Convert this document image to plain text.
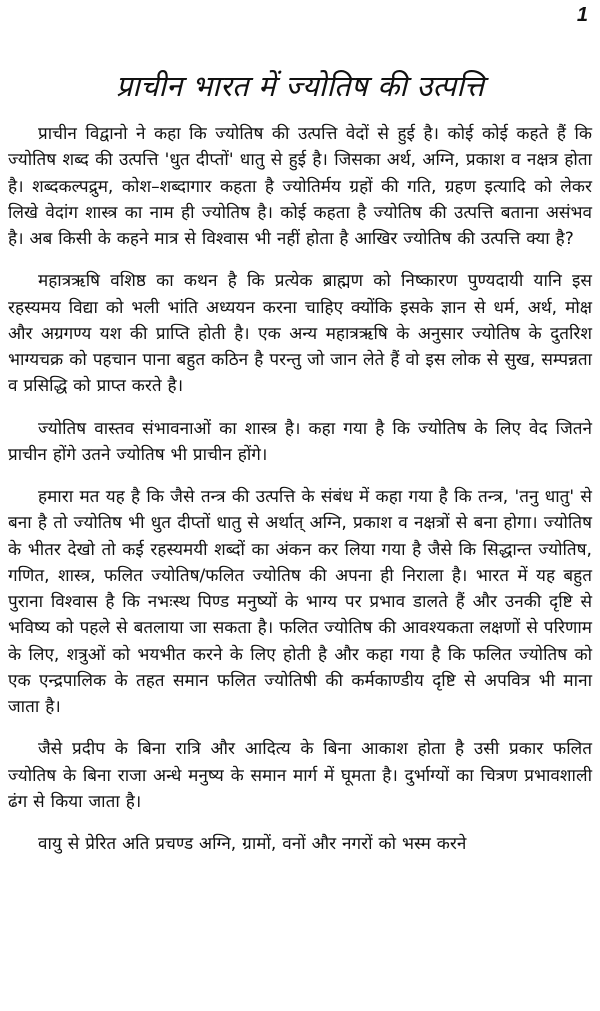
1
प्राचीन भारत में ज्योतिष की उत्पत्ति

प्राचीन विद्वानो ने कहा कि ज्योतिष की उत्पत्ति वेदों से हुई है। कोई कोई कहते हैं कि ज्योतिष शब्द की उत्पत्ति 'धुत दीप्तों' धातु से हुई है। जिसका अर्थ, अग्नि, प्रकाश व नक्षत्र होता है। शब्दकल्पद्रुम, कोश–शब्दागार कहता है ज्योतिर्मय ग्रहों की गति, ग्रहण इत्यादि को लेकर लिखे वेदांग शास्त्र का नाम ही ज्योतिष है। कोई कहता है ज्योतिष की उत्पत्ति बताना असंभव है। अब किसी के कहने मात्र से विश्वास भी नहीं होता है आखिर ज्योतिष की उत्पत्ति क्या है?

महात्रऋषि वशिष्ठ का कथन है कि प्रत्येक ब्राह्मण को निष्कारण पुण्यदायी यानि इस रहस्यमय विद्या को भली भांति अध्ययन करना चाहिए क्योंकि इसके ज्ञान से धर्म, अर्थ, मोक्ष और अग्रगण्य यश की प्राप्ति होती है। एक अन्य महात्रऋषि के अनुसार ज्योतिष के दुतरिश भाग्यचक्र को पहचान पाना बहुत कठिन है परन्तु जो जान लेते हैं वो इस लोक से सुख, सम्पन्नता व प्रसिद्धि को प्राप्त करते है।

ज्योतिष वास्तव संभावनाओं का शास्त्र है। कहा गया है कि ज्योतिष के लिए वेद जितने प्राचीन होंगे उतने ज्योतिष भी प्राचीन होंगे।

हमारा मत यह है कि जैसे तन्त्र की उत्पत्ति के संबंध में कहा गया है कि तन्त्र, 'तनु धातु' से बना है तो ज्योतिष भी धुत दीप्तों धातु से अर्थात् अग्नि, प्रकाश व नक्षत्रों से बना होगा। ज्योतिष के भीतर देखो तो कई रहस्यमयी शब्दों का अंकन कर लिया गया है जैसे कि सिद्धान्त ज्योतिष, गणित, शास्त्र, फलित ज्योतिष/फलित ज्योतिष की अपना ही निराला है। भारत में यह बहुत पुराना विश्वास है कि नभःस्थ पिण्ड मनुष्यों के भाग्य पर प्रभाव डालते हैं और उनकी दृष्टि से भविष्य को पहले से बतलाया जा सकता है। फलित ज्योतिष की आवश्यकता लक्षणों से परिणाम के लिए, शत्रुओं को भयभीत करने के लिए होती है और कहा गया है कि फलित ज्योतिष को एक एन्द्रपालिक के तहत समान फलित ज्योतिषी की कर्मकाण्डीय दृष्टि से अपवित्र भी माना जाता है।

जैसे प्रदीप के बिना रात्रि और आदित्य के बिना आकाश होता है उसी प्रकार फलित ज्योतिष के बिना राजा अन्धे मनुष्य के समान मार्ग में घूमता है। दुर्भाग्यों का चित्रण प्रभावशाली ढंग से किया जाता है।

वायु से प्रेरित अति प्रचण्ड अग्नि, ग्रामों, वनों और नगरों को भस्म करने
